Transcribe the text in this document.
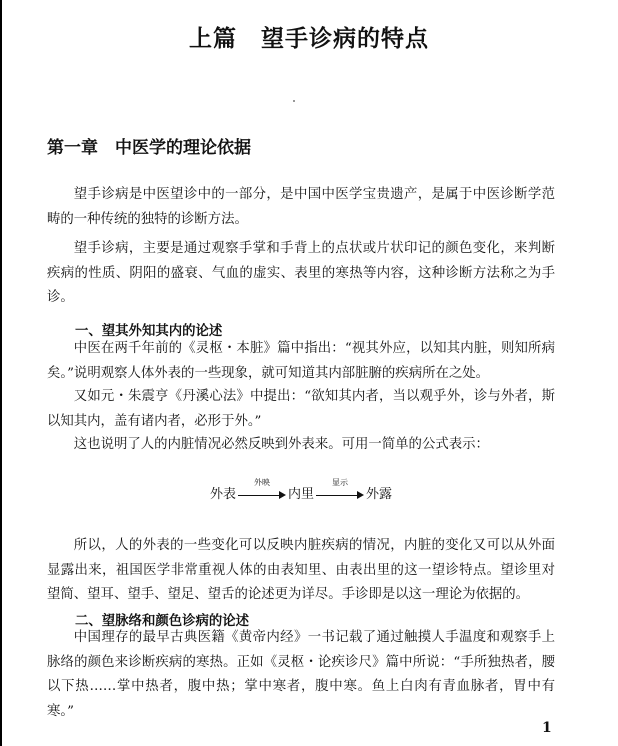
上篇　望手诊病的特点
第一章　中医学的理论依据

望手诊病是中医望诊中的一部分，是中国中医学宝贵遗产，是属于中医诊断学范畴的一种传统的独特的诊断方法。

望手诊病，主要是通过观察手掌和手背上的点状或片状印记的颜色变化，来判断疾病的性质、阴阳的盛衰、气血的虚实、表里的寒热等内容，这种诊断方法称之为手诊。

一、望其外知其内的论述

中医在两千年前的《灵枢・本脏》篇中指出：“视其外应，以知其内脏，则知所病矣。”说明观察人体外表的一些现象，就可知道其内部脏腑的疾病所在之处。

又如元・朱震亨《丹溪心法》中提出：“欲知其内者，当以观乎外，诊与外者，斯以知其内，盖有诸内者，必形于外。”

这也说明了人的内脏情况必然反映到外表来。可用一简单的公式表示：

外表
外映
内里
显示
外露

所以，人的外表的一些变化可以反映内脏疾病的情况，内脏的变化又可以从外面显露出来，祖国医学非常重视人体的由表知里、由表出里的这一望诊特点。望诊里对望简、望耳、望手、望足、望舌的论述更为详尽。手诊即是以这一理论为依据的。

二、望脉络和颜色诊病的论述

中国理存的最早古典医籍《黄帝内经》一书记载了通过触摸人手温度和观察手上脉络的颜色来诊断疾病的寒热。正如《灵枢・论疾诊尺》篇中所说：“手所独热者，腰以下热……掌中热者，腹中热；掌中寒者，腹中寒。鱼上白肉有青血脉者，胃中有寒。”

1
